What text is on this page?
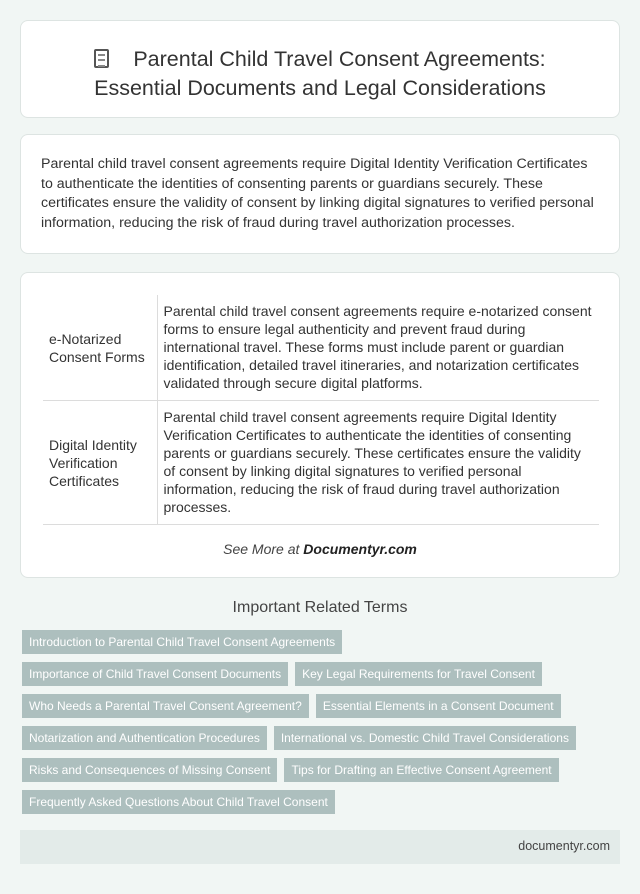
Parental Child Travel Consent Agreements:
Essential Documents and Legal Considerations

Parental child travel consent agreements require Digital Identity Verification Certificates to authenticate the identities of consenting parents or guardians securely. These certificates ensure the validity of consent by linking digital signatures to verified personal information, reducing the risk of fraud during travel authorization processes.

e-Notarized Consent Forms	Parental child travel consent agreements require e-notarized consent forms to ensure legal authenticity and prevent fraud during international travel. These forms must include parent or guardian identification, detailed travel itineraries, and notarization certificates validated through secure digital platforms.
Digital Identity Verification Certificates	Parental child travel consent agreements require Digital Identity Verification Certificates to authenticate the identities of consenting parents or guardians securely. These certificates ensure the validity of consent by linking digital signatures to verified personal information, reducing the risk of fraud during travel authorization processes.
See More at Documentyr.com
Important Related Terms
Introduction to Parental Child Travel Consent Agreements
Importance of Child Travel Consent Documents	Key Legal Requirements for Travel Consent
Who Needs a Parental Travel Consent Agreement?	Essential Elements in a Consent Document
Notarization and Authentication Procedures	International vs. Domestic Child Travel Considerations
Risks and Consequences of Missing Consent	Tips for Drafting an Effective Consent Agreement
Frequently Asked Questions About Child Travel Consent
documentyr.com
